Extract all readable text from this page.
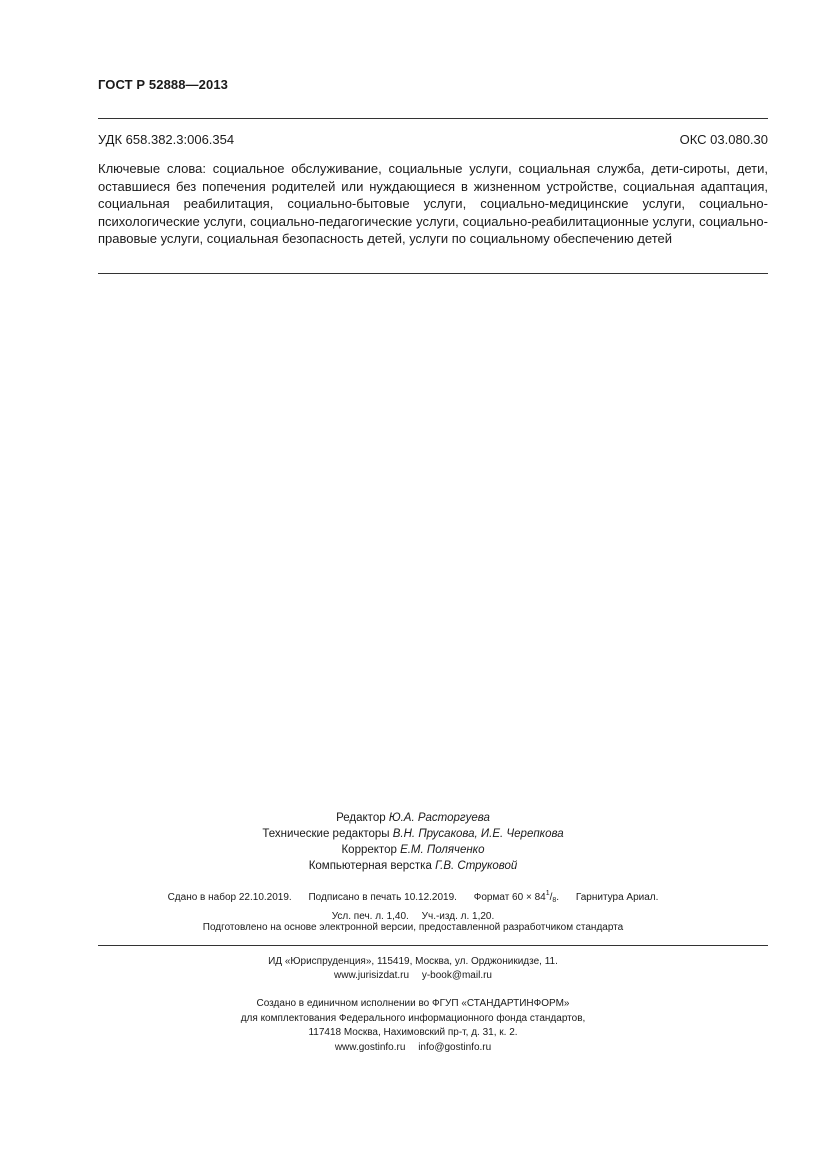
ГОСТ Р 52888—2013
УДК 658.382.3:006.354	ОКС 03.080.30
Ключевые слова: социальное обслуживание, социальные услуги, социальная служба, дети-сироты, дети, оставшиеся без попечения родителей или нуждающиеся в жизненном устройстве, социальная адаптация, социальная реабилитация, социально-бытовые услуги, социально-медицинские услуги, социально-психологические услуги, социально-педагогические услуги, социально-реабилитационные услуги, социально-правовые услуги, социальная безопасность детей, услуги по социальному обеспечению детей
Редактор Ю.А. Расторгуева
Технические редакторы В.Н. Прусакова, И.Е. Черепкова
Корректор Е.М. Поляченко
Компьютерная верстка Г.В. Струковой
Сдано в набор 22.10.2019. Подписано в печать 10.12.2019. Формат $60 \times 84^1/_8$. Гарнитура Ариал.
Усл. печ. л. 1,40. Уч.-изд. л. 1,20.
Подготовлено на основе электронной версии, предоставленной разработчиком стандарта
ИД «Юриспруденция», 115419, Москва, ул. Орджоникидзе, 11.
www.jurisizdat.ru y-book@mail.ru
Создано в единичном исполнении во ФГУП «СТАНДАРТИНФОРМ»
для комплектования Федерального информационного фонда стандартов,
117418 Москва, Нахимовский пр-т, д. 31, к. 2.
www.gostinfo.ru info@gostinfo.ru
